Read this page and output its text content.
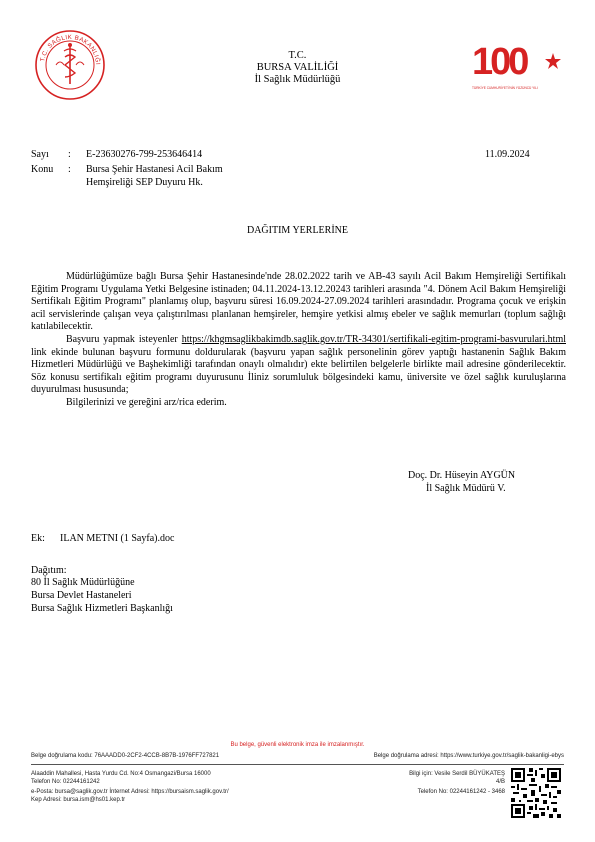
T.C. SAĞLIK BAKANLIĞI
T.C.
BURSA VALİLİĞİ
İl Sağlık Müdürlüğü	100
TÜRKİYE CUMHURİYETİ'NİN YÜZÜNCÜ YILI
Sayı : E-23630276-799-253646414	11.09.2024
Konu : Bursa Şehir Hastanesi Acil Bakım
Hemşireliği SEP Duyuru Hk.
DAĞITIM YERLERİNE
Müdürlüğümüze bağlı Bursa Şehir Hastanesinde'nde 28.02.2022 tarih ve AB-43 sayılı Acil Bakım Hemşireliği Sertifikalı Eğitim Programı Uygulama Yetki Belgesine istinaden; 04.11.2024-13.12.20243 tarihleri arasında "4. Dönem Acil Bakım Hemşireliği Sertifikalı Eğitim Programı" planlamış olup, başvuru süresi 16.09.2024-27.09.2024 tarihleri arasındadır. Programa çocuk ve erişkin acil servislerinde çalışan veya çalıştırılması planlanan hemşireler, hemşire yetkisi almış ebeler ve sağlık memurları (toplum sağlığı katılabilecektir.
Başvuru yapmak isteyenler https://khgmsaglikbakimdb.saglik.gov.tr/TR-34301/sertifikali-egitim-programi-basvurulari.html link ekinde bulunan başvuru formunu doldurularak (başvuru yapan sağlık personelinin görev yaptığı hastanenin Sağlık Bakım Hizmetleri Müdürlüğü ve Başhekimliği tarafından onaylı olmalıdır) ekte belirtilen belgelerle birlikte mail adresine gönderilecektir. Söz konusu sertifikalı eğitim programı duyurusunu İliniz sorumluluk bölgesindeki kamu, üniversite ve özel sağlık kuruluşlarına duyurulması hususunda;
Bilgilerinizi ve gereğini arz/rica ederim.
Doç. Dr. Hüseyin AYGÜN
İl Sağlık Müdürü V.
Ek: ILAN METNI (1 Sayfa).doc
Dağıtım:
80 İl Sağlık Müdürlüğüne
Bursa Devlet Hastaneleri
Bursa Sağlık Hizmetleri Başkanlığı
Bu belge, güvenli elektronik imza ile imzalanmıştır.
Belge doğrulama kodu: 76AAADD0-2CF2-4CCB-8B7B-1976FF727821	Belge doğrulama adresi: https://www.turkiye.gov.tr/saglik-bakanligi-ebys
Alaaddin Mahallesi, Hasta Yurdu Cd. No:4 Osmangazi/Bursa 16000
Telefon No: 02244161242
e-Posta: bursa@saglik.gov.tr İnternet Adresi: https://bursaism.saglik.gov.tr/
Kep Adresi: bursa.ism@hs01.kep.tr
Bilgi için: Vesile Serdil BÜYÜKATEŞ
4/B
Telefon No: 02244161242 - 3468
